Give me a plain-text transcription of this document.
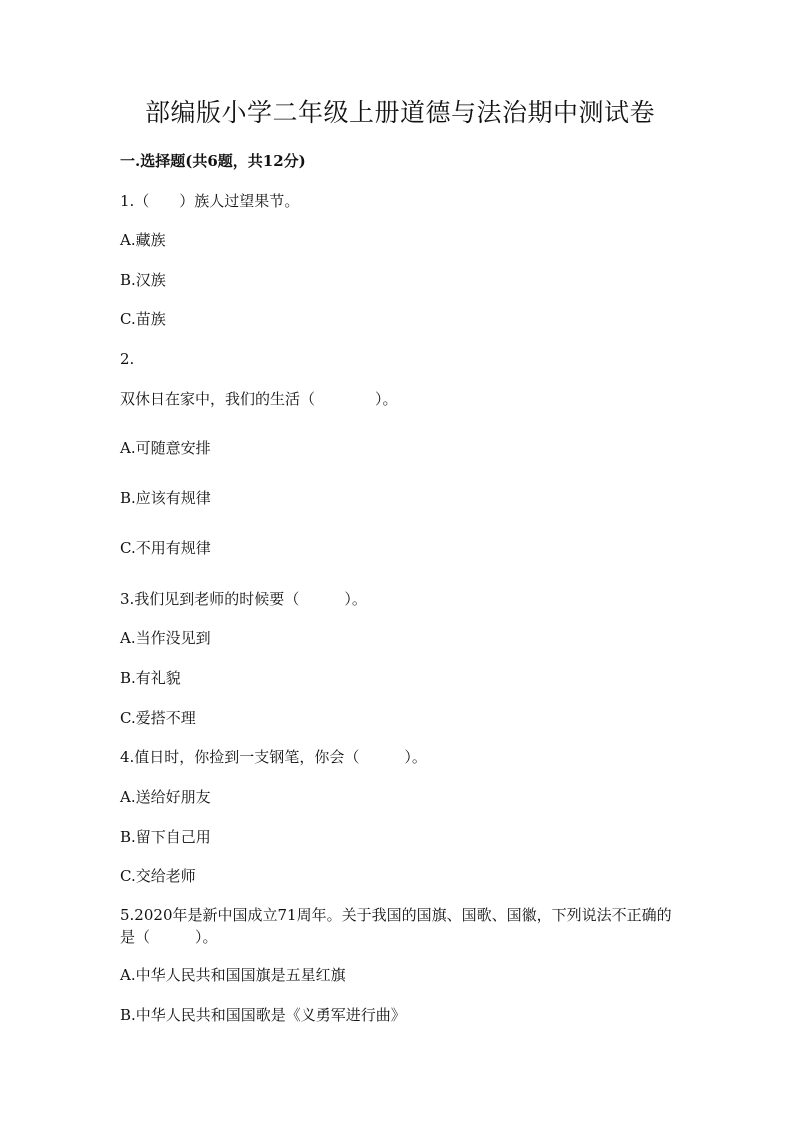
部编版小学二年级上册道德与法治期中测试卷
一.选择题(共6题，共12分)
1.（　　）族人过望果节。
A.藏族
B.汉族
C.苗族
2.
双休日在家中，我们的生活（　　　　）。
A.可随意安排
B.应该有规律
C.不用有规律
3.我们见到老师的时候要（　　　）。
A.当作没见到
B.有礼貌
C.爱搭不理
4.值日时，你捡到一支钢笔，你会（　　　）。
A.送给好朋友
B.留下自己用
C.交给老师
5.2020年是新中国成立71周年。关于我国的国旗、国歌、国徽，下列说法不正确的是（　　　）。
A.中华人民共和国国旗是五星红旗
B.中华人民共和国国歌是《义勇军进行曲》
